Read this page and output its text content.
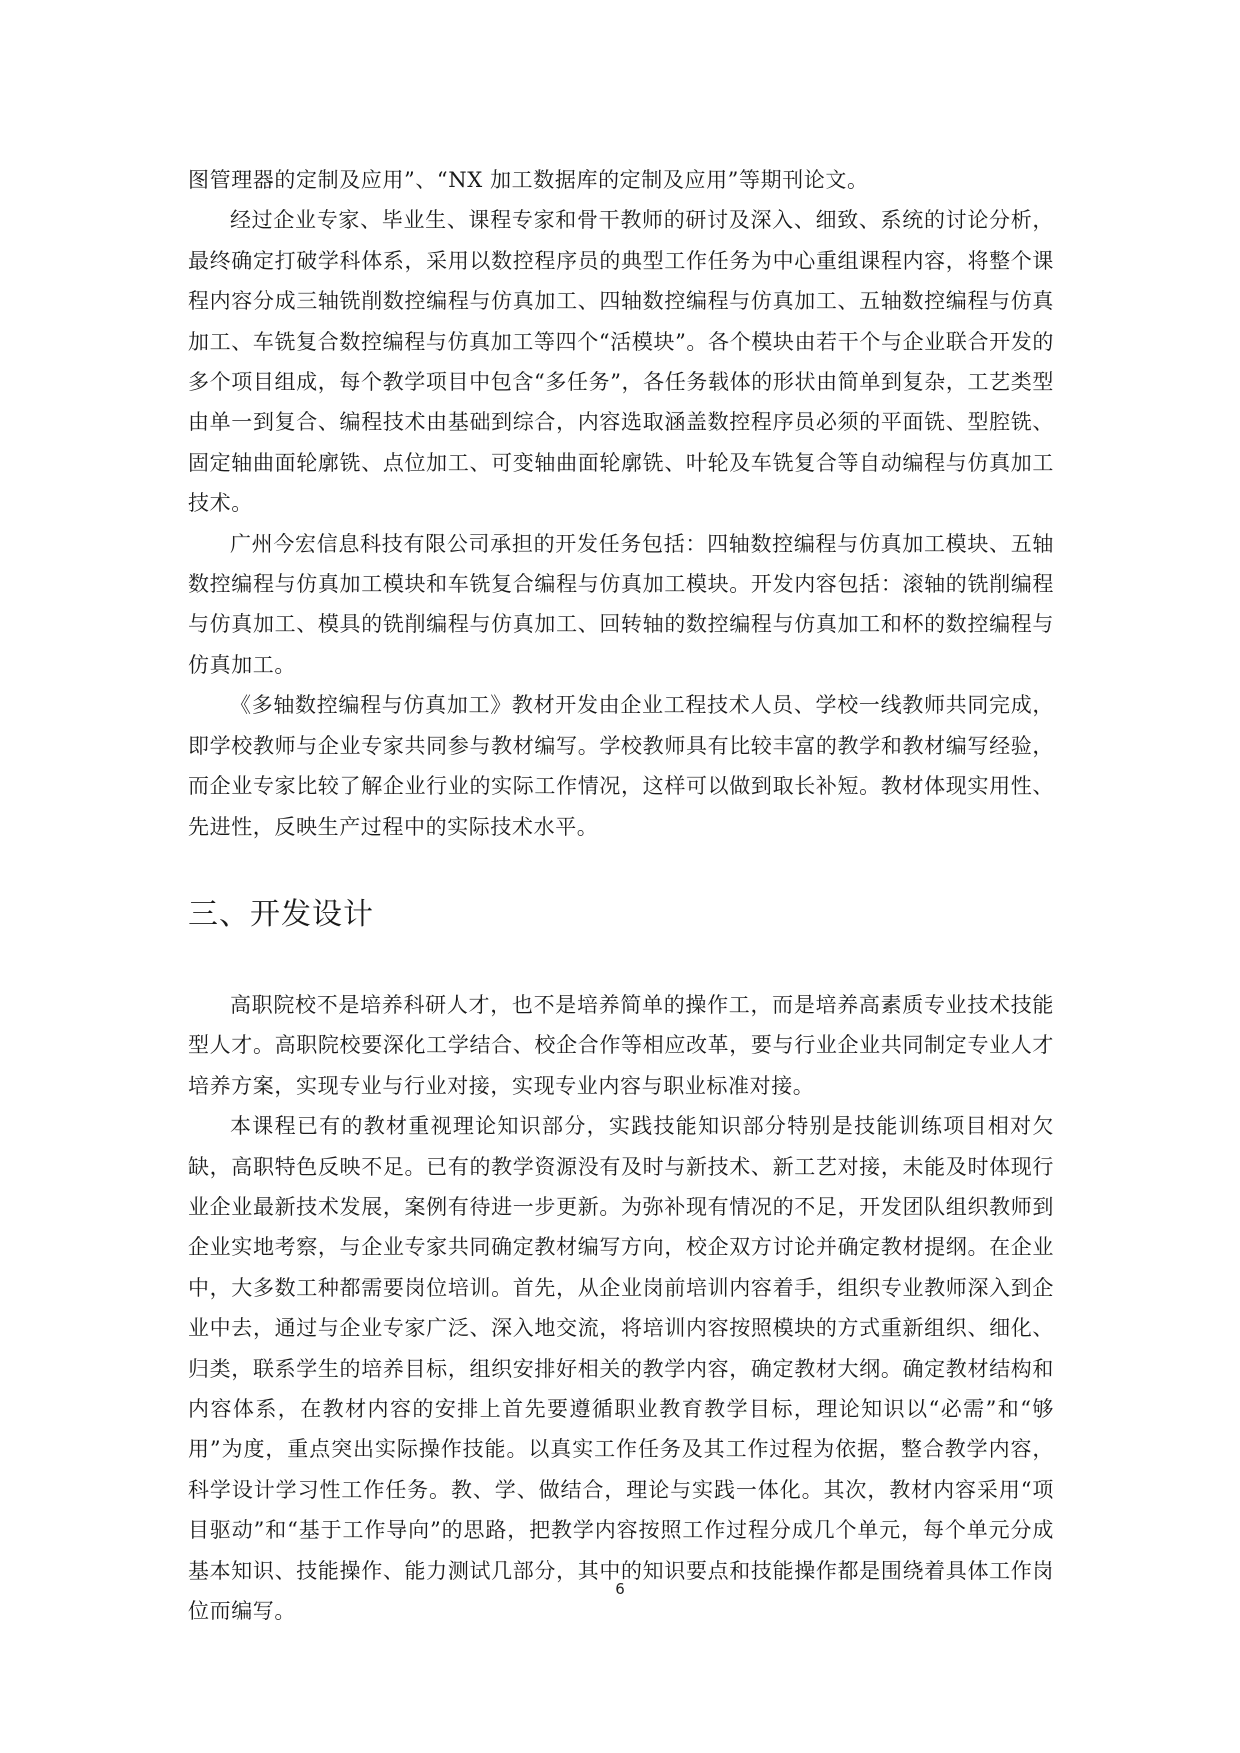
图管理器的定制及应用”、“NX 加工数据库的定制及应用”等期刊论文。

经过企业专家、毕业生、课程专家和骨干教师的研讨及深入、细致、系统的讨论分析，最终确定打破学科体系，采用以数控程序员的典型工作任务为中心重组课程内容，将整个课程内容分成三轴铣削数控编程与仿真加工、四轴数控编程与仿真加工、五轴数控编程与仿真加工、车铣复合数控编程与仿真加工等四个“活模块”。各个模块由若干个与企业联合开发的多个项目组成，每个教学项目中包含“多任务”，各任务载体的形状由简单到复杂，工艺类型由单一到复合、编程技术由基础到综合，内容选取涵盖数控程序员必须的平面铣、型腔铣、固定轴曲面轮廓铣、点位加工、可变轴曲面轮廓铣、叶轮及车铣复合等自动编程与仿真加工技术。

广州今宏信息科技有限公司承担的开发任务包括：四轴数控编程与仿真加工模块、五轴数控编程与仿真加工模块和车铣复合编程与仿真加工模块。开发内容包括：滚轴的铣削编程与仿真加工、模具的铣削编程与仿真加工、回转轴的数控编程与仿真加工和杯的数控编程与仿真加工。

《多轴数控编程与仿真加工》教材开发由企业工程技术人员、学校一线教师共同完成，即学校教师与企业专家共同参与教材编写。学校教师具有比较丰富的教学和教材编写经验，而企业专家比较了解企业行业的实际工作情况，这样可以做到取长补短。教材体现实用性、先进性，反映生产过程中的实际技术水平。

三、开发设计

高职院校不是培养科研人才，也不是培养简单的操作工，而是培养高素质专业技术技能型人才。高职院校要深化工学结合、校企合作等相应改革，要与行业企业共同制定专业人才培养方案，实现专业与行业对接，实现专业内容与职业标准对接。

本课程已有的教材重视理论知识部分，实践技能知识部分特别是技能训练项目相对欠缺，高职特色反映不足。已有的教学资源没有及时与新技术、新工艺对接，未能及时体现行业企业最新技术发展，案例有待进一步更新。为弥补现有情况的不足，开发团队组织教师到企业实地考察，与企业专家共同确定教材编写方向，校企双方讨论并确定教材提纲。在企业中，大多数工种都需要岗位培训。首先，从企业岗前培训内容着手，组织专业教师深入到企业中去，通过与企业专家广泛、深入地交流，将培训内容按照模块的方式重新组织、细化、归类，联系学生的培养目标，组织安排好相关的教学内容，确定教材大纲。确定教材结构和内容体系，在教材内容的安排上首先要遵循职业教育教学目标，理论知识以“必需”和“够用”为度，重点突出实际操作技能。以真实工作任务及其工作过程为依据，整合教学内容，科学设计学习性工作任务。教、学、做结合，理论与实践一体化。其次，教材内容采用“项目驱动”和“基于工作导向”的思路，把教学内容按照工作过程分成几个单元，每个单元分成基本知识、技能操作、能力测试几部分，其中的知识要点和技能操作都是围绕着具体工作岗位而编写。

6
